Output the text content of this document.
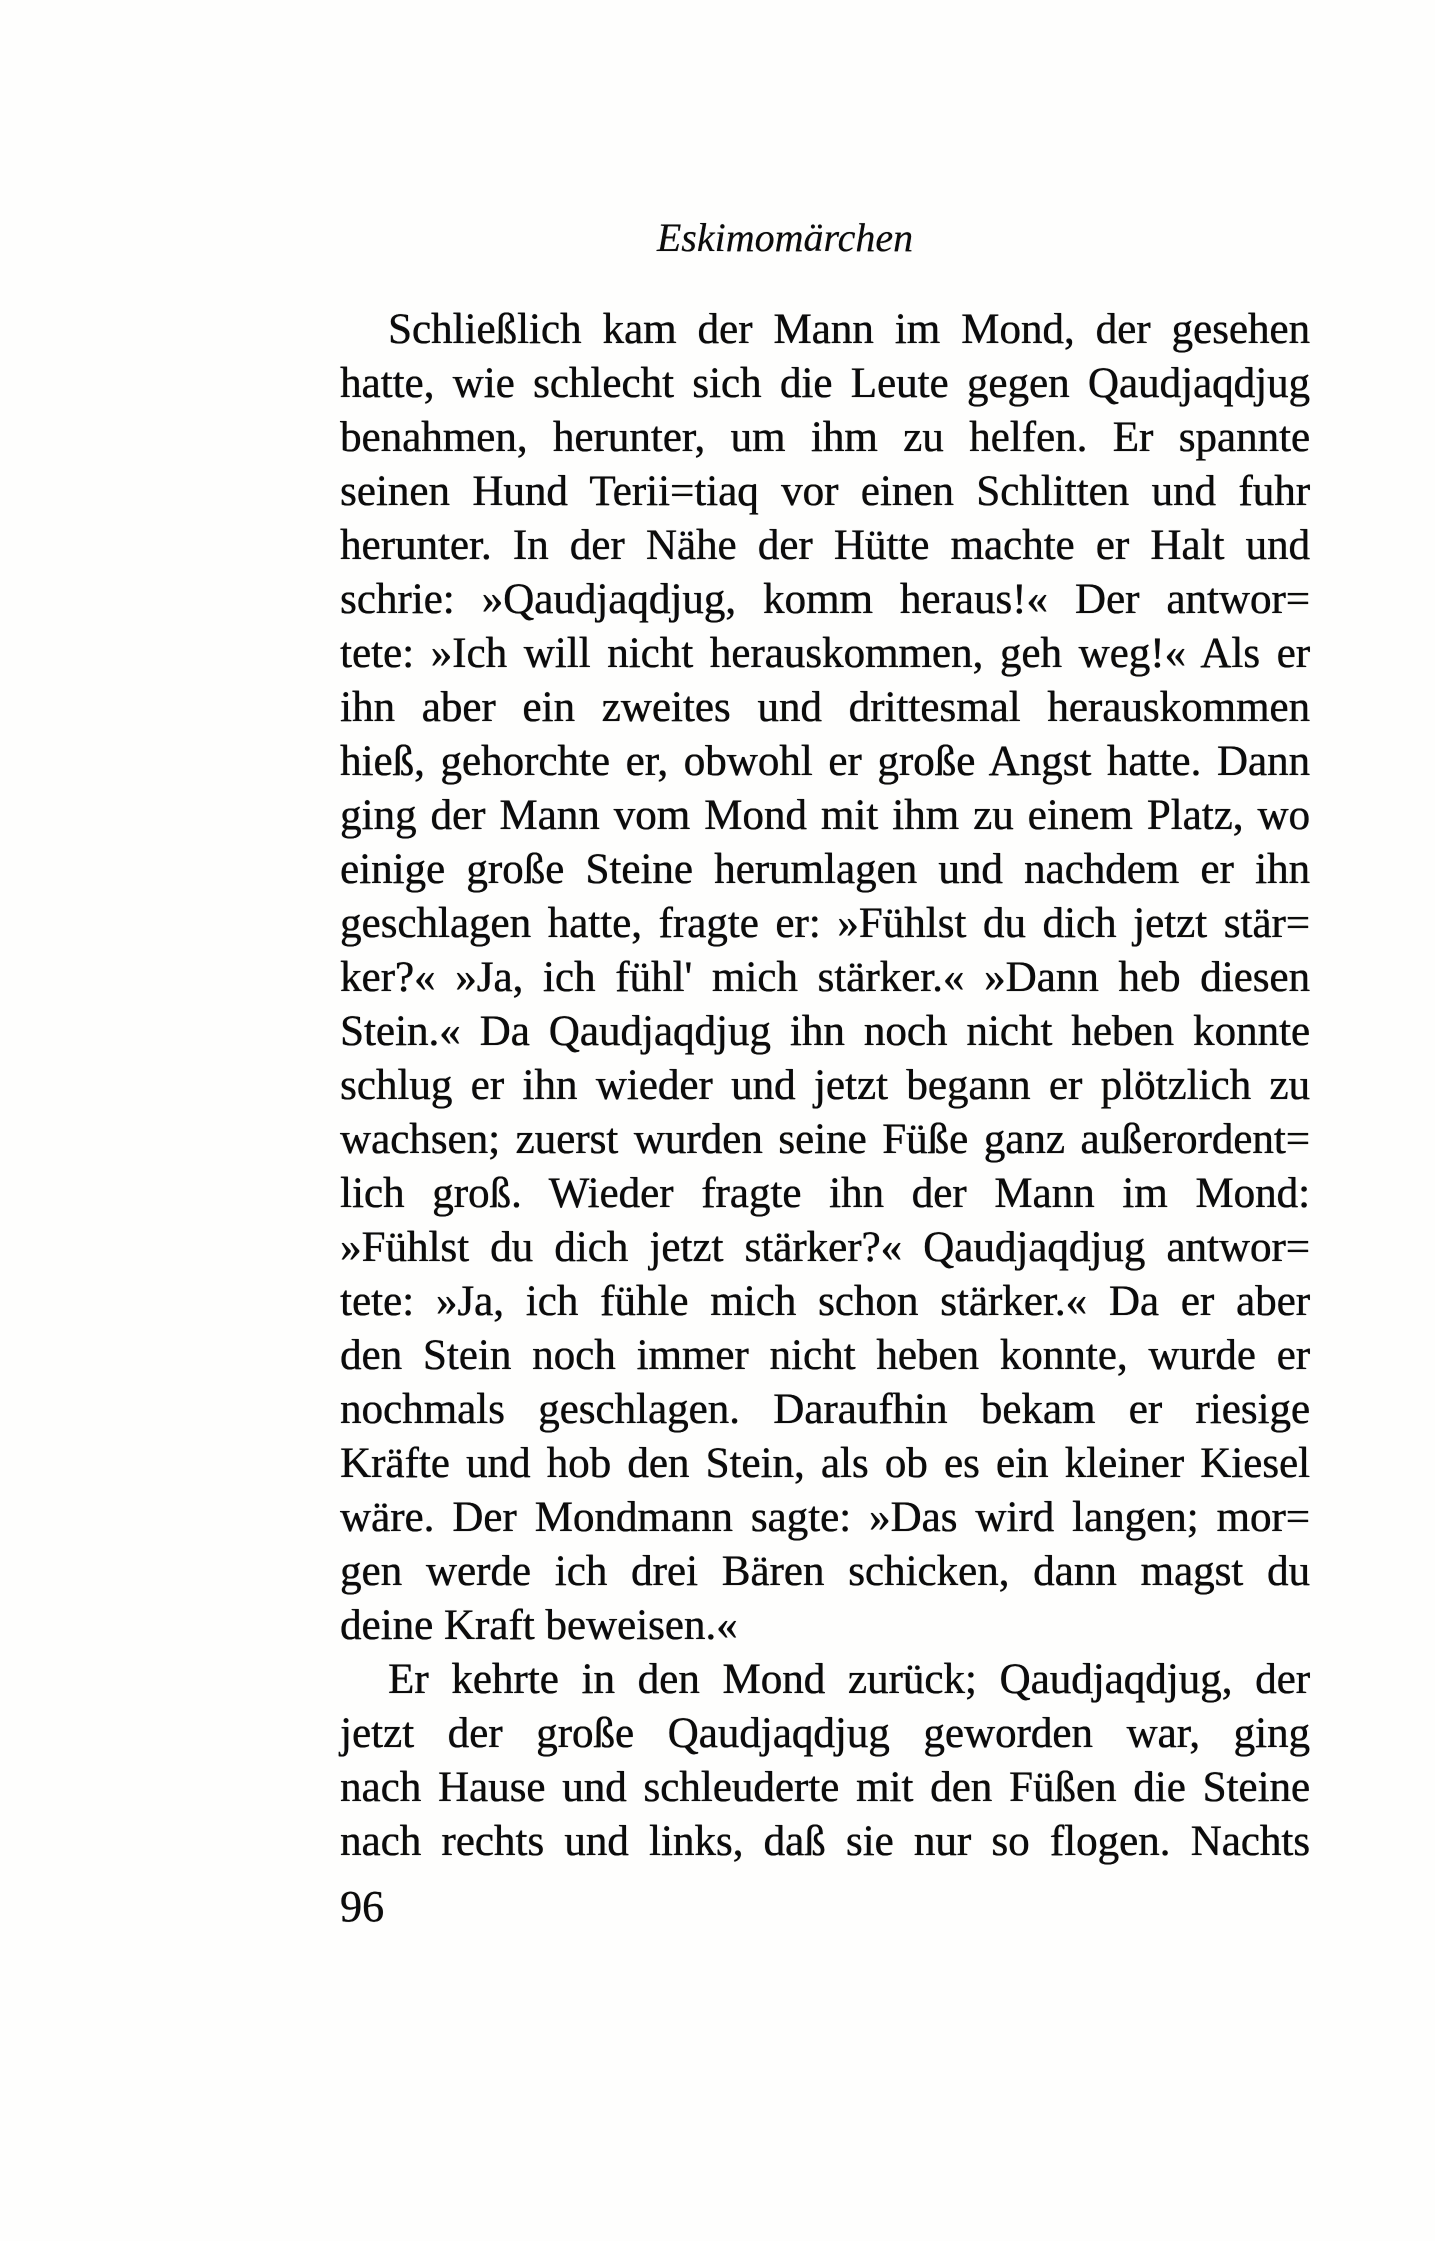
Eskimomärchen
Schließlich kam der Mann im Mond, der gesehen
hatte, wie schlecht sich die Leute gegen Qaudjaqdjug
benahmen, herunter, um ihm zu helfen. Er spannte
seinen Hund Terii=tiaq vor einen Schlitten und fuhr
herunter. In der Nähe der Hütte machte er Halt und
schrie: »Qaudjaqdjug, komm heraus!« Der antwor=
tete: »Ich will nicht herauskommen, geh weg!« Als er
ihn aber ein zweites und drittesmal herauskommen
hieß, gehorchte er, obwohl er große Angst hatte. Dann
ging der Mann vom Mond mit ihm zu einem Platz, wo
einige große Steine herumlagen und nachdem er ihn
geschlagen hatte, fragte er: »Fühlst du dich jetzt stär=
ker?« »Ja, ich fühl' mich stärker.« »Dann heb diesen
Stein.« Da Qaudjaqdjug ihn noch nicht heben konnte
schlug er ihn wieder und jetzt begann er plötzlich zu
wachsen; zuerst wurden seine Füße ganz außerordent=
lich groß. Wieder fragte ihn der Mann im Mond:
»Fühlst du dich jetzt stärker?« Qaudjaqdjug antwor=
tete: »Ja, ich fühle mich schon stärker.« Da er aber
den Stein noch immer nicht heben konnte, wurde er
nochmals geschlagen. Daraufhin bekam er riesige
Kräfte und hob den Stein, als ob es ein kleiner Kiesel
wäre. Der Mondmann sagte: »Das wird langen; mor=
gen werde ich drei Bären schicken, dann magst du
deine Kraft beweisen.«
Er kehrte in den Mond zurück; Qaudjaqdjug, der
jetzt der große Qaudjaqdjug geworden war, ging
nach Hause und schleuderte mit den Füßen die Steine
nach rechts und links, daß sie nur so flogen. Nachts
96
